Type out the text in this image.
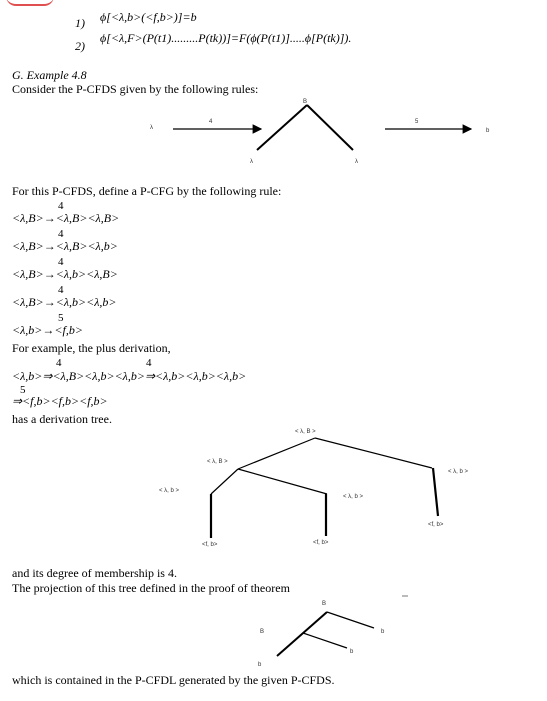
1) ϕ[<λ,b>(<f,b>)]=b
2)
ϕ[<λ,F>(P(t1).........P(tk))]=F(ϕ(P(t1)].....ϕ[P(tk)]).
G. Example 4.8
Consider the P-CFDS given by the following rules:
λ
4
B
λ	λ
5
b
For this P-CFDS, define a P-CFG by the following rule:
4
<λ,B>→<λ,B><λ,B>
4
<λ,B>→<λ,B><λ,b>
4
<λ,B>→<λ,b><λ,B>
4
<λ,B>→<λ,b><λ,b>
5
<λ,b>→<f,b>
For example, the plus derivation,
4	4
<λ,b>⇒<λ,B><λ,b><λ,b>⇒<λ,b><λ,b><λ,b>
5
⇒<f,b><f,b><f,b>
has a derivation tree.
< λ, B >
< λ, B >
< λ, b >
< λ, b >
< λ, b >
<f, b>	<f, b>
<f, b>
and its degree of membership is 4.
The projection of this tree defined in the proof of theorem
B
B	b
b
b
which is contained in the P-CFDL generated by the given P-CFDS.
